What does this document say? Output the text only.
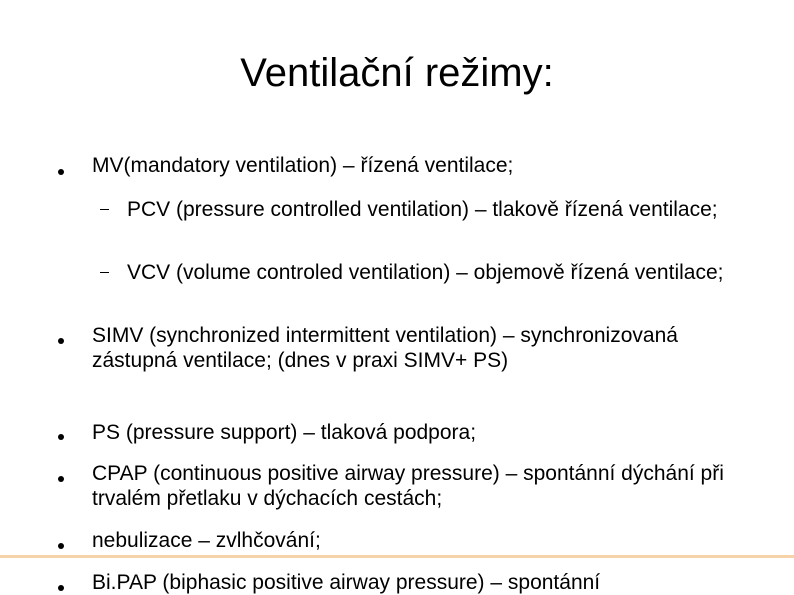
Ventilační režimy:
MV(mandatory ventilation) – řízená ventilace;
PCV (pressure controlled ventilation) – tlakově řízená ventilace;
VCV (volume controled ventilation) – objemově řízená ventilace;
SIMV (synchronized intermittent ventilation) – synchronizovaná zástupná ventilace; (dnes v praxi SIMV+ PS)
PS (pressure support) – tlaková podpora;
CPAP (continuous positive airway pressure) – spontánní dýchání při trvalém přetlaku v dýchacích cestách;
nebulizace – zvlhčování;
Bi.PAP (biphasic positive airway pressure) – spontánní
